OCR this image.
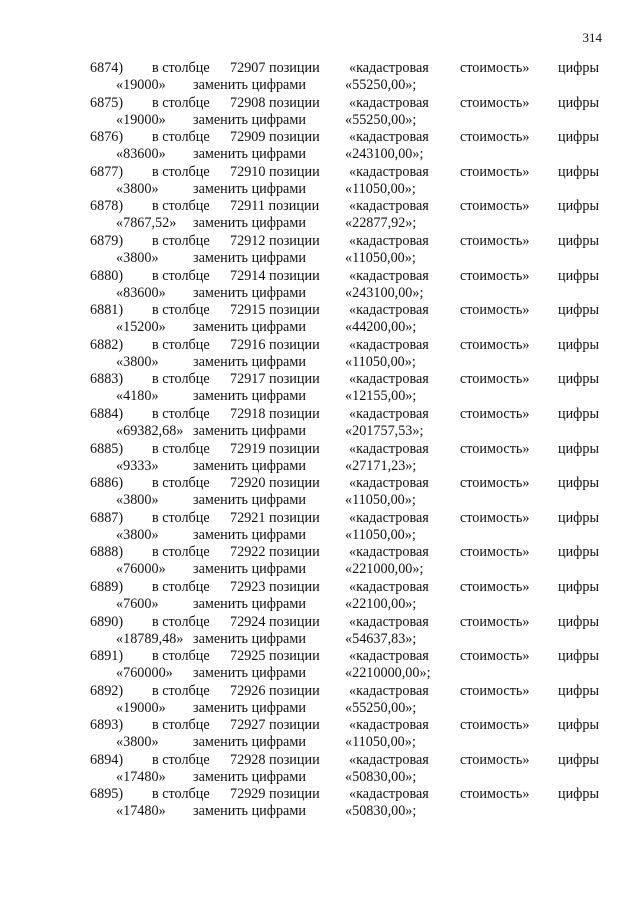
314
6874) в столбце 72907 позиции «кадастровая стоимость» цифры
«19000» заменить цифрами	«55250,00»;
6875) в столбце 72908 позиции «кадастровая стоимость» цифры
«19000» заменить цифрами	«55250,00»;
6876) в столбце 72909 позиции «кадастровая стоимость» цифры
«83600» заменить цифрами	«243100,00»;
6877) в столбце 72910 позиции «кадастровая стоимость» цифры
«3800» заменить цифрами	«11050,00»;
6878) в столбце 72911 позиции «кадастровая стоимость» цифры
«7867,52» заменить цифрами	«22877,92»;
6879) в столбце 72912 позиции «кадастровая стоимость» цифры
«3800» заменить цифрами	«11050,00»;
6880) в столбце 72914 позиции «кадастровая стоимость» цифры
«83600» заменить цифрами	«243100,00»;
6881) в столбце 72915 позиции «кадастровая стоимость» цифры
«15200» заменить цифрами	«44200,00»;
6882) в столбце 72916 позиции «кадастровая стоимость» цифры
«3800» заменить цифрами	«11050,00»;
6883) в столбце 72917 позиции «кадастровая стоимость» цифры
«4180» заменить цифрами	«12155,00»;
6884) в столбце 72918 позиции «кадастровая стоимость» цифры
«69382,68» заменить цифрами	«201757,53»;
6885) в столбце 72919 позиции «кадастровая стоимость» цифры
«9333» заменить цифрами	«27171,23»;
6886) в столбце 72920 позиции «кадастровая стоимость» цифры
«3800» заменить цифрами	«11050,00»;
6887) в столбце 72921 позиции «кадастровая стоимость» цифры
«3800» заменить цифрами	«11050,00»;
6888) в столбце 72922 позиции «кадастровая стоимость» цифры
«76000» заменить цифрами	«221000,00»;
6889) в столбце 72923 позиции «кадастровая стоимость» цифры
«7600» заменить цифрами	«22100,00»;
6890) в столбце 72924 позиции «кадастровая стоимость» цифры
«18789,48» заменить цифрами	«54637,83»;
6891) в столбце 72925 позиции «кадастровая стоимость» цифры
«760000» заменить цифрами	«2210000,00»;
6892) в столбце 72926 позиции «кадастровая стоимость» цифры
«19000» заменить цифрами	«55250,00»;
6893) в столбце 72927 позиции «кадастровая стоимость» цифры
«3800» заменить цифрами	«11050,00»;
6894) в столбце 72928 позиции «кадастровая стоимость» цифры
«17480» заменить цифрами	«50830,00»;
6895) в столбце 72929 позиции «кадастровая стоимость» цифры
«17480» заменить цифрами	«50830,00»;
